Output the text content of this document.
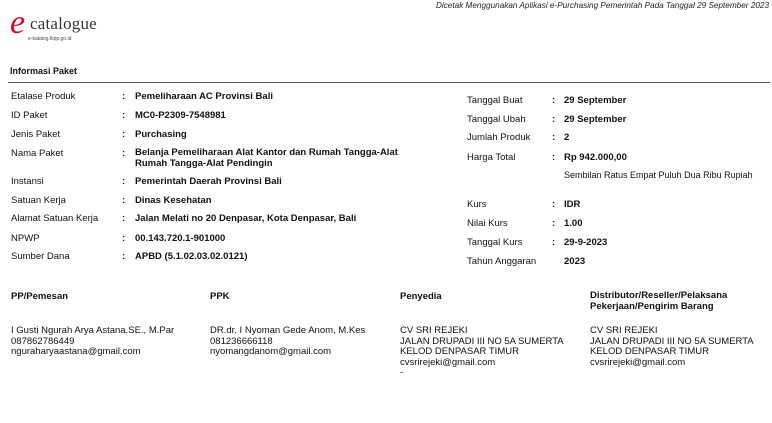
e catalogue
e-katalog.lkpp.go.id
Dicetak Menggunakan Aplikasi e-Purchasing Pemerintah Pada Tanggal 29 September 2023
Informasi Paket
Etalase Produk	: Pemeliharaan AC Provinsi Bali
ID Paket	: MC0-P2309-7548981
Jenis Paket	: Purchasing
Nama Paket	: Belanja Pemeliharaan Alat Kantor dan Rumah Tangga-Alat Rumah Tangga-Alat Pendingin
Instansi	: Pemerintah Daerah Provinsi Bali
Satuan Kerja	: Dinas Kesehatan
Alamat Satuan Kerja	: Jalan Melati no 20 Denpasar, Kota Denpasar, Bali
NPWP	: 00.143.720.1-901000
Sumber Dana	: APBD (5.1.02.03.02.0121)
Tanggal Buat	: 29 September
Tanggal Ubah	: 29 September
Jumlah Produk : 2
Harga Total	: Rp 942.000,00
Sembilan Ratus Empat Puluh Dua Ribu Rupiah
Kurs	: IDR
Nilai Kurs	: 1.00
Tanggal Kurs	: 29-9-2023
Tahun Anggaran	2023
PP/Pemesan
I Gusti Ngurah Arya Astana.SE., M.Par
087862786449
nguraharyaastana@gmail.com
PPK
DR.dr. I Nyoman Gede Anom, M.Kes
081236666118
nyomangdanom@gmail.com
Penyedia
CV SRI REJEKI
JALAN DRUPADI III NO 5A SUMERTA KELOD DENPASAR TIMUR
cvsrirejeki@gmail.com
-
Distributor/Reseller/Pelaksana Pekerjaan/Pengirim Barang
CV SRI REJEKI
JALAN DRUPADI III NO 5A SUMERTA KELOD DENPASAR TIMUR
cvsrirejeki@gmail.com
